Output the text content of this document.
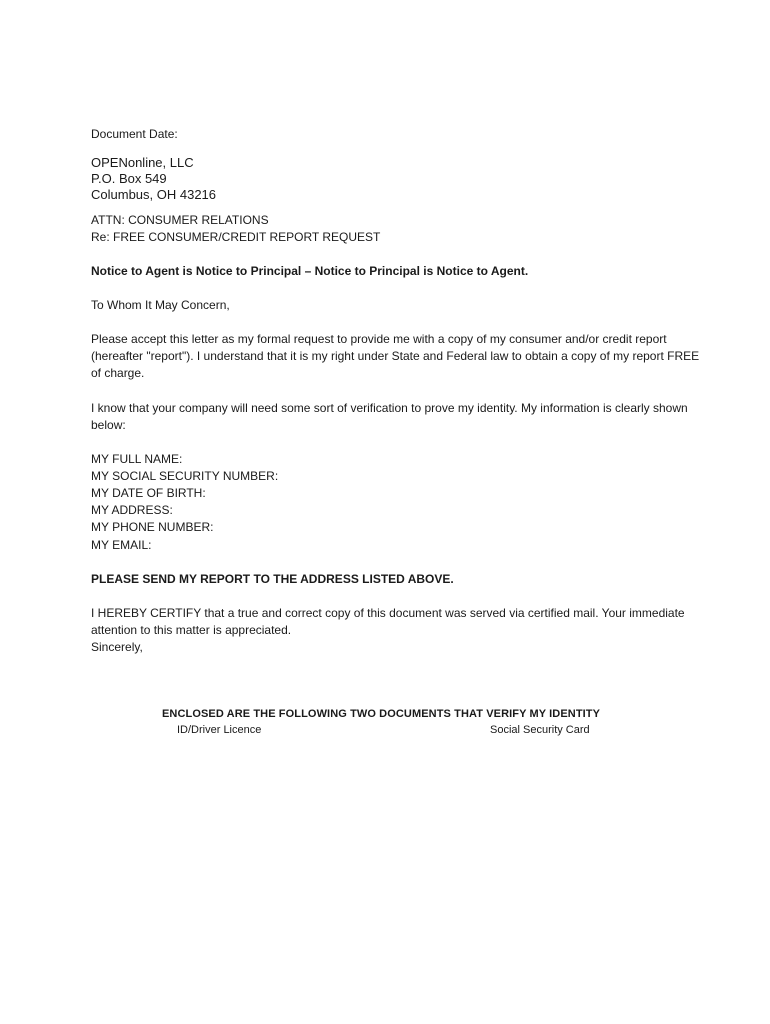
Document Date:
OPENonline, LLC
P.O. Box 549
Columbus, OH 43216
ATTN: CONSUMER RELATIONS
Re: FREE CONSUMER/CREDIT REPORT REQUEST
Notice to Agent is Notice to Principal – Notice to Principal is Notice to Agent.
To Whom It May Concern,

Please accept this letter as my formal request to provide me with a copy of my consumer and/or credit report (hereafter "report"). I understand that it is my right under State and Federal law to obtain a copy of my report FREE of charge.

I know that your company will need some sort of verification to prove my identity. My information is clearly shown below:

MY FULL NAME:
MY SOCIAL SECURITY NUMBER:
MY DATE OF BIRTH:
MY ADDRESS:
MY PHONE NUMBER:
MY EMAIL:
PLEASE SEND MY REPORT TO THE ADDRESS LISTED ABOVE.

I HEREBY CERTIFY that a true and correct copy of this document was served via certified mail. Your immediate attention to this matter is appreciated.

Sincerely,
ENCLOSED ARE THE FOLLOWING TWO DOCUMENTS THAT VERIFY MY IDENTITY
ID/Driver Licence	Social Security Card
